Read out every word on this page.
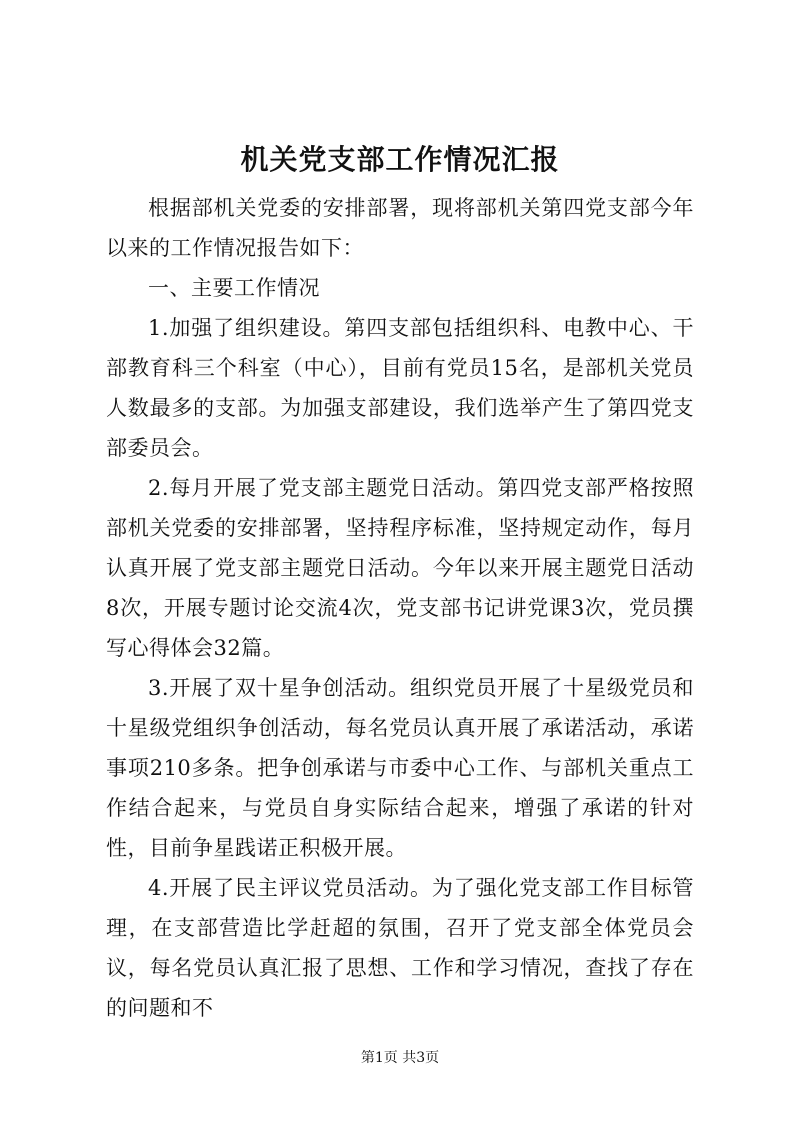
机关党支部工作情况汇报

根据部机关党委的安排部署，现将部机关第四党支部今年以来的工作情况报告如下：

一、主要工作情况

1.加强了组织建设。第四支部包括组织科、电教中心、干部教育科三个科室（中心），目前有党员15名，是部机关党员人数最多的支部。为加强支部建设，我们选举产生了第四党支部委员会。

2.每月开展了党支部主题党日活动。第四党支部严格按照部机关党委的安排部署，坚持程序标准，坚持规定动作，每月认真开展了党支部主题党日活动。今年以来开展主题党日活动8次，开展专题讨论交流4次，党支部书记讲党课3次，党员撰写心得体会32篇。

3.开展了双十星争创活动。组织党员开展了十星级党员和十星级党组织争创活动，每名党员认真开展了承诺活动，承诺事项210多条。把争创承诺与市委中心工作、与部机关重点工作结合起来，与党员自身实际结合起来，增强了承诺的针对性，目前争星践诺正积极开展。

4.开展了民主评议党员活动。为了强化党支部工作目标管理，在支部营造比学赶超的氛围，召开了党支部全体党员会议，每名党员认真汇报了思想、工作和学习情况，查找了存在的问题和不

第1页 共3页
